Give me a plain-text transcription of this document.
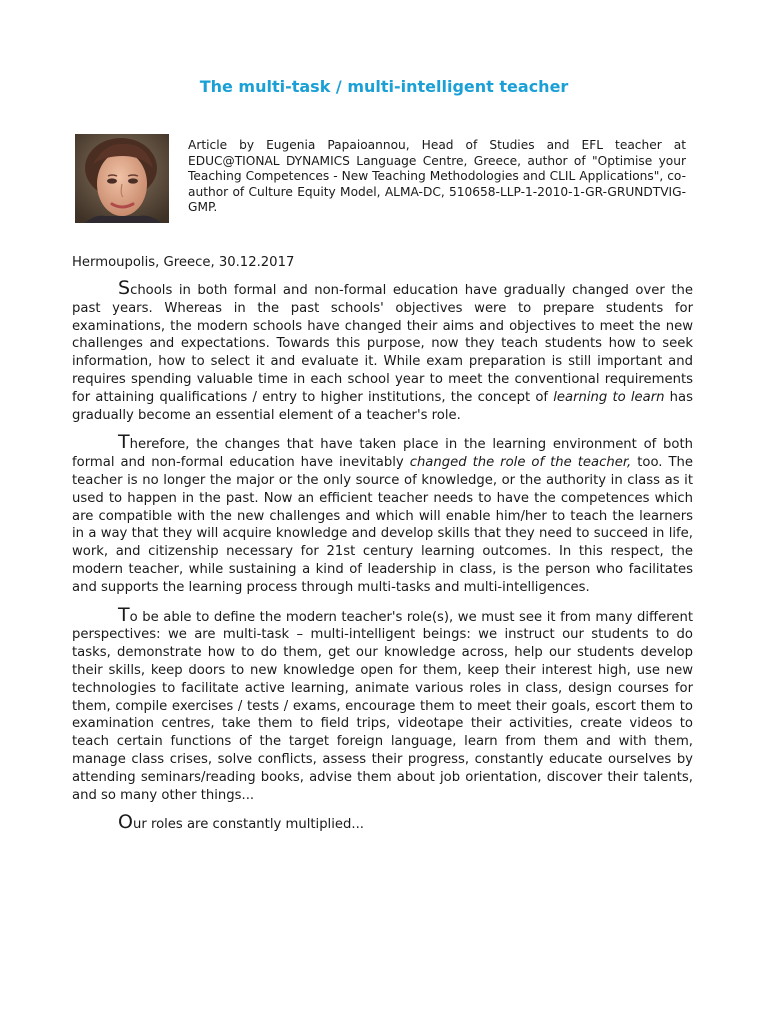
The multi-task / multi-intelligent teacher

Article by Eugenia Papaioannou, Head of Studies and EFL teacher at EDUC@TIONAL DYNAMICS Language Centre, Greece, author of "Optimise your Teaching Competences - New Teaching Methodologies and CLIL Applications", co-author of Culture Equity Model, ALMA-DC, 510658-LLP-1-2010-1-GR-GRUNDTVIG-GMP.

Hermoupolis, Greece, 30.12.2017

Schools in both formal and non-formal education have gradually changed over the past years. Whereas in the past schools' objectives were to prepare students for examinations, the modern schools have changed their aims and objectives to meet the new challenges and expectations. Towards this purpose, now they teach students how to seek information, how to select it and evaluate it. While exam preparation is still important and requires spending valuable time in each school year to meet the conventional requirements for attaining qualifications / entry to higher institutions, the concept of learning to learn has gradually become an essential element of a teacher's role.

Therefore, the changes that have taken place in the learning environment of both formal and non-formal education have inevitably changed the role of the teacher, too. The teacher is no longer the major or the only source of knowledge, or the authority in class as it used to happen in the past. Now an efficient teacher needs to have the competences which are compatible with the new challenges and which will enable him/her to teach the learners in a way that they will acquire knowledge and develop skills that they need to succeed in life, work, and citizenship necessary for 21st century learning outcomes. In this respect, the modern teacher, while sustaining a kind of leadership in class, is the person who facilitates and supports the learning process through multi-tasks and multi-intelligences.

To be able to define the modern teacher's role(s), we must see it from many different perspectives: we are multi-task – multi-intelligent beings: we instruct our students to do tasks, demonstrate how to do them, get our knowledge across, help our students develop their skills, keep doors to new knowledge open for them, keep their interest high, use new technologies to facilitate active learning, animate various roles in class, design courses for them, compile exercises / tests / exams, encourage them to meet their goals, escort them to examination centres, take them to field trips, videotape their activities, create videos to teach certain functions of the target foreign language, learn from them and with them, manage class crises, solve conflicts, assess their progress, constantly educate ourselves by attending seminars/reading books, advise them about job orientation, discover their talents, and so many other things...

Our roles are constantly multiplied...
